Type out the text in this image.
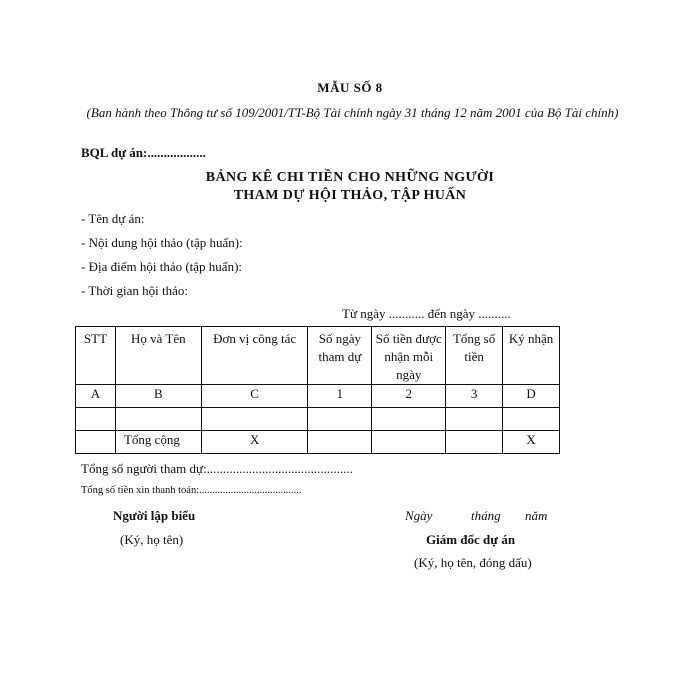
MẪU SỐ 8
(Ban hành theo Thông tư số 109/2001/TT-Bộ Tài chính ngày 31 tháng 12 năm 2001 của Bộ Tài chính)
BQL dự án:..................
BẢNG KÊ CHI TIỀN CHO NHỮNG NGƯỜI
THAM DỰ HỘI THẢO, TẬP HUẤN
- Tên dự án:
- Nội dung hội thảo (tập huấn):
- Địa điểm hội thảo (tập huấn):
- Thời gian hội thảo:
Từ ngày ........... đến ngày ..........
STT	Họ và Tên	Đơn vị công tác	Số ngày tham dự	Số tiền được nhận mỗi ngày	Tổng số tiền	Ký nhận
A	B	C	1	2	3	D

	Tổng cộng	X				X
Tổng số người tham dự:.............................................
Tổng số tiền xin thanh toán:.......................................
Người lập biểu
(Ký, họ tên)
Ngày	tháng năm
Giám đốc dự án
(Ký, họ tên, đóng dấu)
